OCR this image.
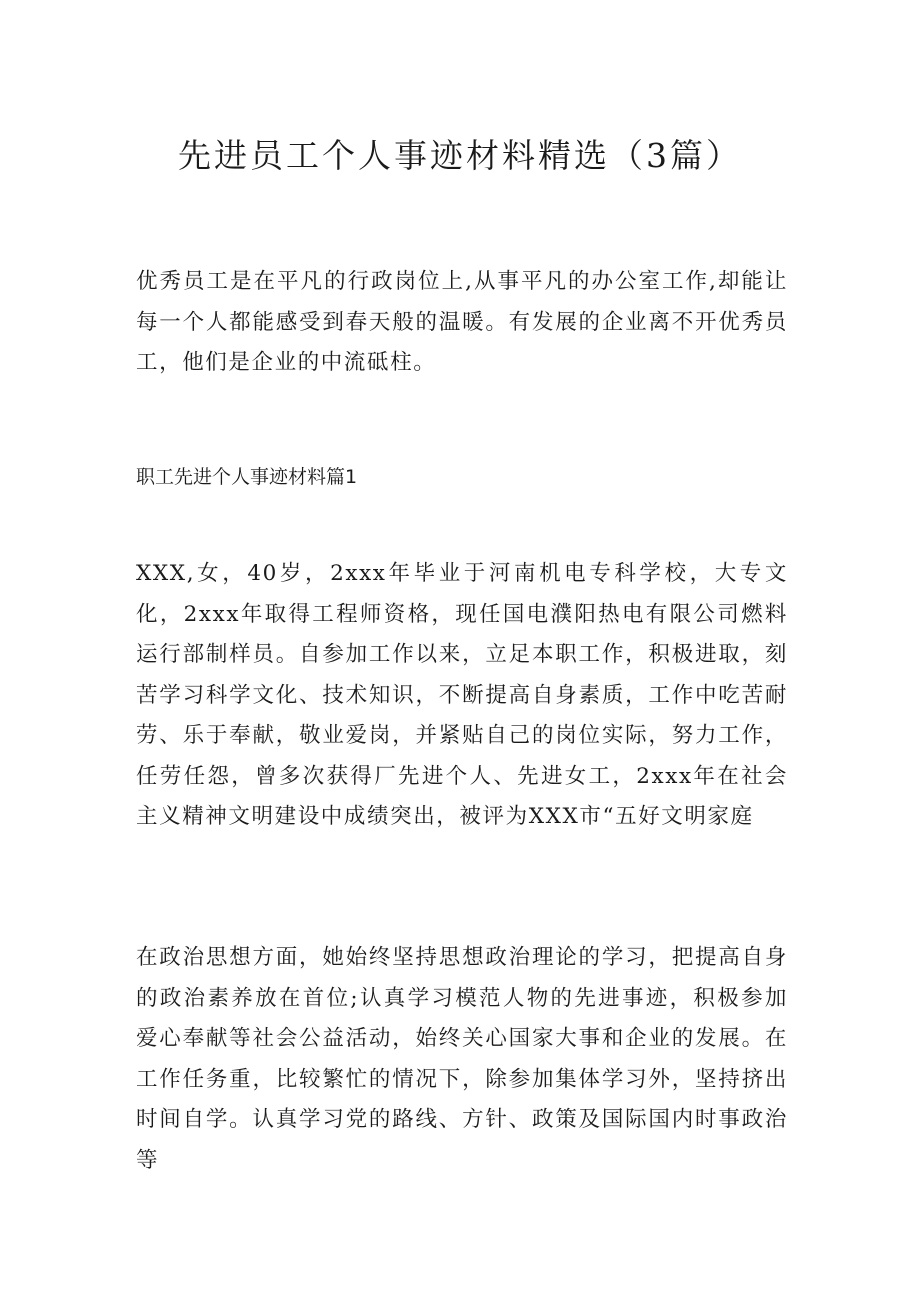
先进员工个人事迹材料精选（3篇）

优秀员工是在平凡的行政岗位上,从事平凡的办公室工作,却能让每一个人都能感受到春天般的温暖。有发展的企业离不开优秀员工，他们是企业的中流砥柱。

职工先进个人事迹材料篇1

XXX,女，40岁，2xxx年毕业于河南机电专科学校，大专文化，2xxx年取得工程师资格，现任国电濮阳热电有限公司燃料运行部制样员。自参加工作以来，立足本职工作，积极进取，刻苦学习科学文化、技术知识，不断提高自身素质，工作中吃苦耐劳、乐于奉献，敬业爱岗，并紧贴自己的岗位实际，努力工作，任劳任怨，曾多次获得厂先进个人、先进女工，2xxx年在社会主义精神文明建设中成绩突出，被评为XXX市“五好文明家庭

在政治思想方面，她始终坚持思想政治理论的学习，把提高自身的政治素养放在首位;认真学习模范人物的先进事迹，积极参加爱心奉献等社会公益活动，始终关心国家大事和企业的发展。在工作任务重，比较繁忙的情况下，除参加集体学习外，坚持挤出时间自学。认真学习党的路线、方针、政策及国际国内时事政治等
